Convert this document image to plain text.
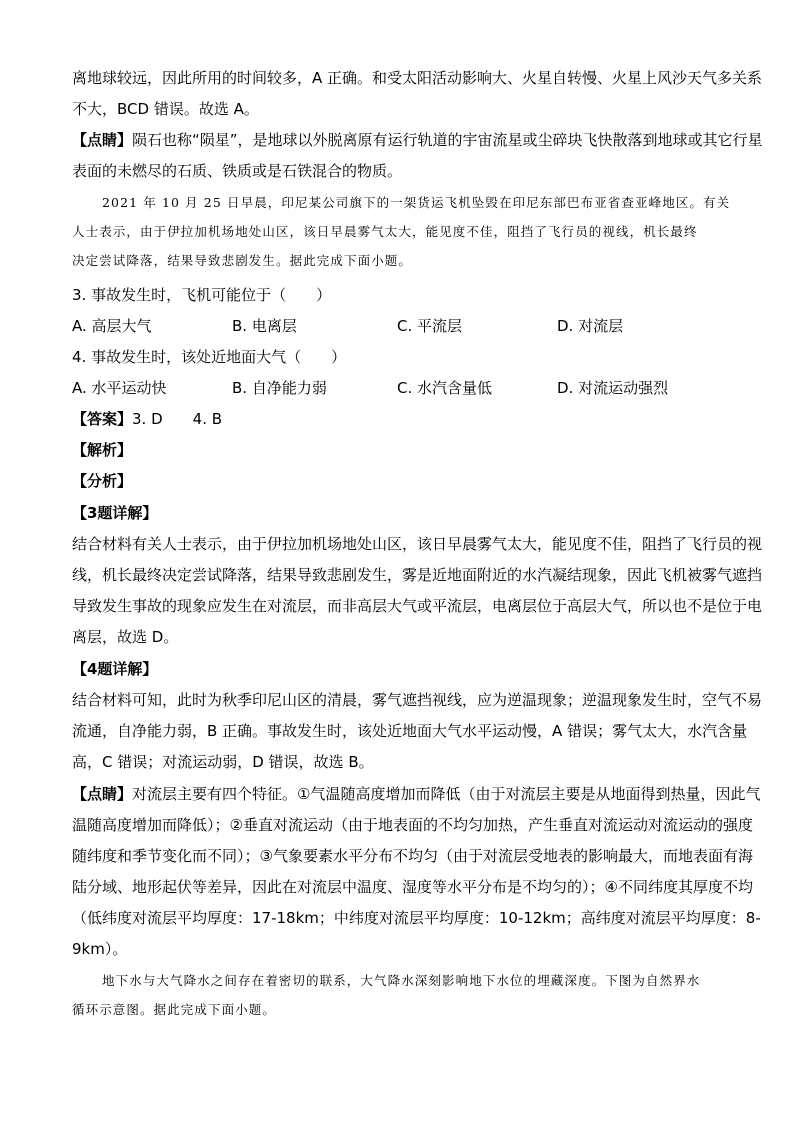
离地球较远，因此所用的时间较多，A 正确。和受太阳活动影响大、火星自转慢、火星上风沙天气多关系
不大，BCD 错误。故选 A。
【点睛】陨石也称“陨星”，是地球以外脱离原有运行轨道的宇宙流星或尘碎块飞快散落到地球或其它行星
表面的未燃尽的石质、铁质或是石铁混合的物质。
2021 年 10 月 25 日早晨，印尼某公司旗下的一架货运飞机坠毁在印尼东部巴布亚省查亚峰地区。有关
人士表示，由于伊拉加机场地处山区，该日早晨雾气太大，能见度不佳，阻挡了飞行员的视线，机长最终
决定尝试降落，结果导致悲剧发生。据此完成下面小题。
3. 事故发生时，飞机可能位于（　　）
A. 高层大气	B. 电离层	C. 平流层	D. 对流层
4. 事故发生时，该处近地面大气（　　）
A. 水平运动快	B. 自净能力弱	C. 水汽含量低	D. 对流运动强烈
【答案】3. D　　4. B
【解析】
【分析】
【3题详解】
结合材料有关人士表示，由于伊拉加机场地处山区，该日早晨雾气太大，能见度不佳，阻挡了飞行员的视
线，机长最终决定尝试降落，结果导致悲剧发生，雾是近地面附近的水汽凝结现象，因此飞机被雾气遮挡
导致发生事故的现象应发生在对流层，而非高层大气或平流层，电离层位于高层大气，所以也不是位于电
离层，故选 D。
【4题详解】
结合材料可知，此时为秋季印尼山区的清晨，雾气遮挡视线，应为逆温现象；逆温现象发生时，空气不易
流通，自净能力弱，B 正确。事故发生时，该处近地面大气水平运动慢，A 错误；雾气太大，水汽含量
高，C 错误；对流运动弱，D 错误，故选 B。
【点睛】对流层主要有四个特征。①气温随高度增加而降低（由于对流层主要是从地面得到热量，因此气
温随高度增加而降低）；②垂直对流运动（由于地表面的不均匀加热，产生垂直对流运动对流运动的强度
随纬度和季节变化而不同）；③气象要素水平分布不均匀（由于对流层受地表的影响最大，而地表面有海
陆分域、地形起伏等差异，因此在对流层中温度、湿度等水平分布是不均匀的）；④不同纬度其厚度不均
（低纬度对流层平均厚度：17-18km；中纬度对流层平均厚度：10-12km；高纬度对流层平均厚度：8-
9km）。
地下水与大气降水之间存在着密切的联系，大气降水深刻影响地下水位的埋藏深度。下图为自然界水
循环示意图。据此完成下面小题。
